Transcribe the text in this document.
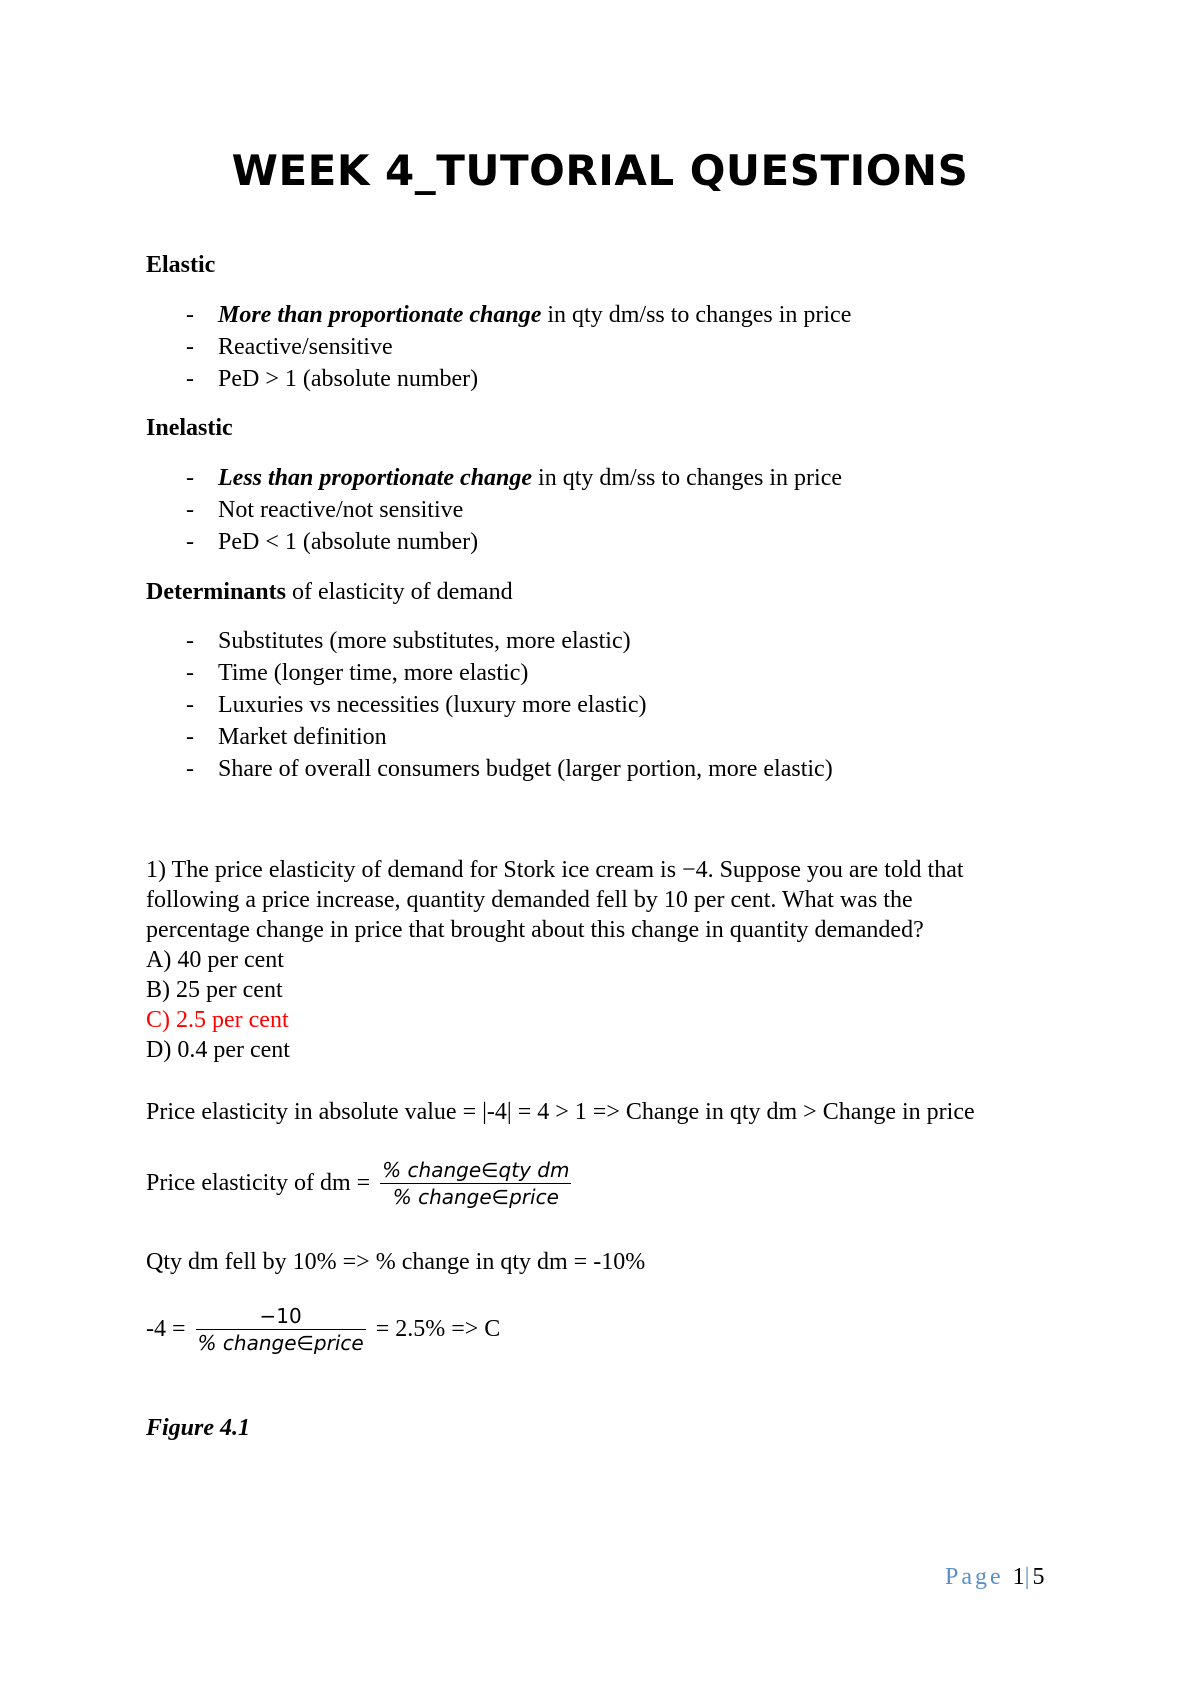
WEEK 4_TUTORIAL QUESTIONS
Elastic
- More than proportionate change in qty dm/ss to changes in price
- Reactive/sensitive
- PeD > 1 (absolute number)
Inelastic
- Less than proportionate change in qty dm/ss to changes in price
- Not reactive/not sensitive
- PeD < 1 (absolute number)
Determinants of elasticity of demand
- Substitutes (more substitutes, more elastic)
- Time (longer time, more elastic)
- Luxuries vs necessities (luxury more elastic)
- Market definition
- Share of overall consumers budget (larger portion, more elastic)
1) The price elasticity of demand for Stork ice cream is −4. Suppose you are told that
following a price increase, quantity demanded fell by 10 per cent. What was the
percentage change in price that brought about this change in quantity demanded?
A) 40 per cent
B) 25 per cent
C) 2.5 per cent
D) 0.4 per cent
Price elasticity in absolute value = |-4| = 4 > 1 => Change in qty dm > Change in price
Price elasticity of dm = $\frac{\text{\% change∈qty dm}}{\text{\% change∈price}}$
Qty dm fell by 10% => % change in qty dm = -10%
$-4 = \frac{-10}{\text{\% change∈price}} = 2.5\% => C$
Figure 4.1
Page 1|5
